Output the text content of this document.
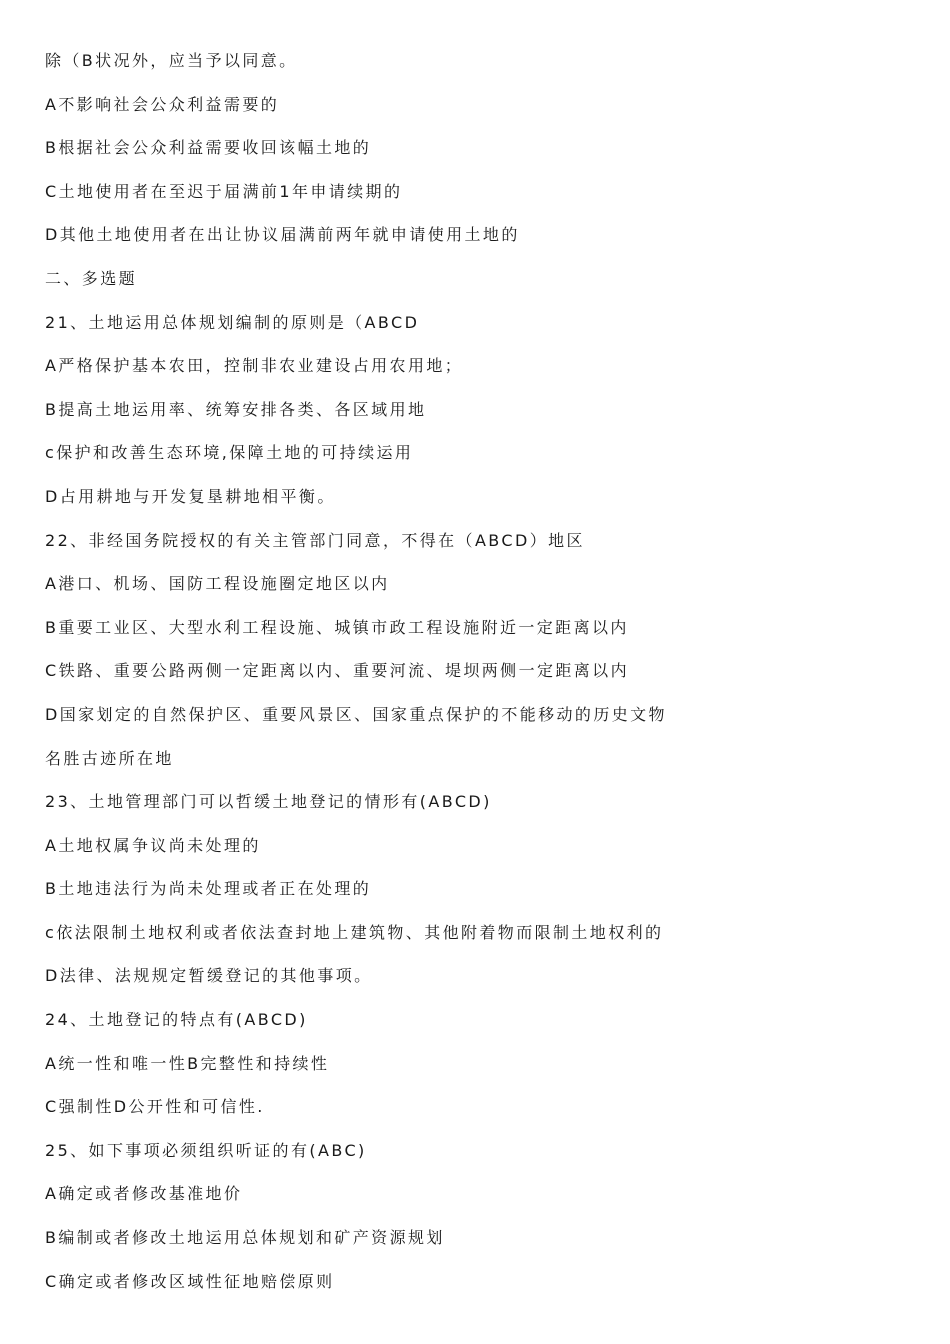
除（B状况外，应当予以同意。
A不影响社会公众利益需要的
B根据社会公众利益需要收回该幅土地的
C土地使用者在至迟于届满前1年申请续期的
D其他土地使用者在出让协议届满前两年就申请使用土地的
二、多选题
21、土地运用总体规划编制的原则是（ABCD
A严格保护基本农田，控制非农业建设占用农用地；
B提高土地运用率、统筹安排各类、各区域用地
c保护和改善生态环境,保障土地的可持续运用
D占用耕地与开发复垦耕地相平衡。
22、非经国务院授权的有关主管部门同意，不得在（ABCD）地区
A港口、机场、国防工程设施圈定地区以内
B重要工业区、大型水利工程设施、城镇市政工程设施附近一定距离以内
C铁路、重要公路两侧一定距离以内、重要河流、堤坝两侧一定距离以内
D国家划定的自然保护区、重要风景区、国家重点保护的不能移动的历史文物
名胜古迹所在地
23、土地管理部门可以哲缓土地登记的情形有(ABCD)
A土地权属争议尚未处理的
B土地违法行为尚未处理或者正在处理的
c依法限制土地权利或者依法查封地上建筑物、其他附着物而限制土地权利的
D法律、法规规定暂缓登记的其他事项。
24、土地登记的特点有(ABCD)
A统一性和唯一性B完整性和持续性
C强制性D公开性和可信性.
25、如下事项必须组织听证的有(ABC)
A确定或者修改基准地价
B编制或者修改土地运用总体规划和矿产资源规划
C确定或者修改区域性征地赔偿原则
